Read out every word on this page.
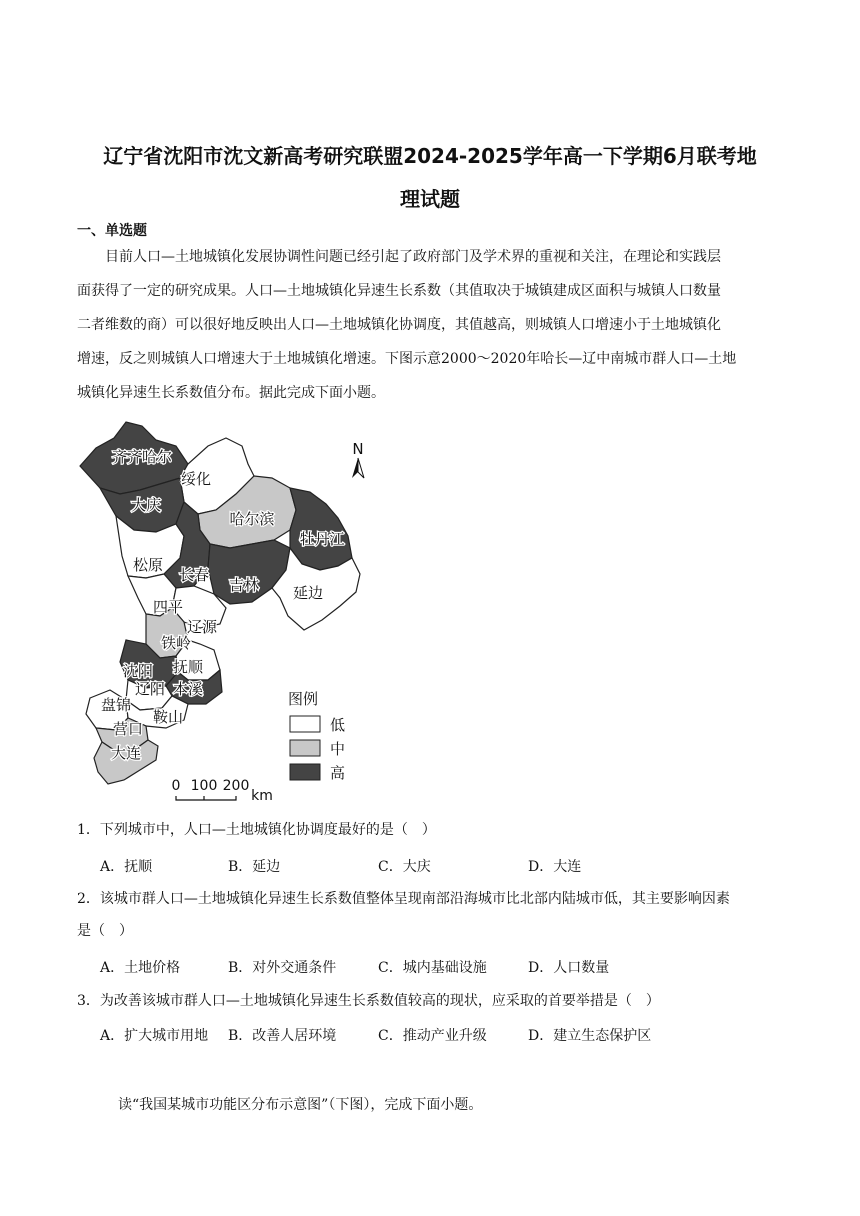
辽宁省沈阳市沈文新高考研究联盟2024-2025学年高一下学期6月联考地
理试题
一、单选题

目前人口—土地城镇化发展协调性问题已经引起了政府部门及学术界的重视和关注，在理论和实践层

面获得了一定的研究成果。人口—土地城镇化异速生长系数（其值取决于城镇建成区面积与城镇人口数量

二者维数的商）可以很好地反映出人口—土地城镇化协调度，其值越高，则城镇人口增速小于土地城镇化

增速，反之则城镇人口增速大于土地城镇化增速。下图示意2000～2020年哈长—辽中南城市群人口—土地

城镇化异速生长系数值分布。据此完成下面小题。

齐齐哈尔
绥化
大庆
哈尔滨
牡丹江
松原
长春
吉林 延边
四平
辽源
铁岭
沈阳 抚顺
辽阳 本溪
盘锦
鞍山
营口
大连
N
图例
低
中
高
0 100 200
km
1．下列城市中，人口—土地城镇化协调度最好的是（　）
A．抚顺	B．延边	C．大庆	D．大连
2．该城市群人口—土地城镇化异速生长系数值整体呈现南部沿海城市比北部内陆城市低，其主要影响因素
是（　）
A．土地价格	B．对外交通条件	C．城内基础设施	D．人口数量
3．为改善该城市群人口—土地城镇化异速生长系数值较高的现状，应采取的首要举措是（　）
A．扩大城市用地 B．改善人居环境	C．推动产业升级	D．建立生态保护区
读“我国某城市功能区分布示意图”（下图），完成下面小题。
